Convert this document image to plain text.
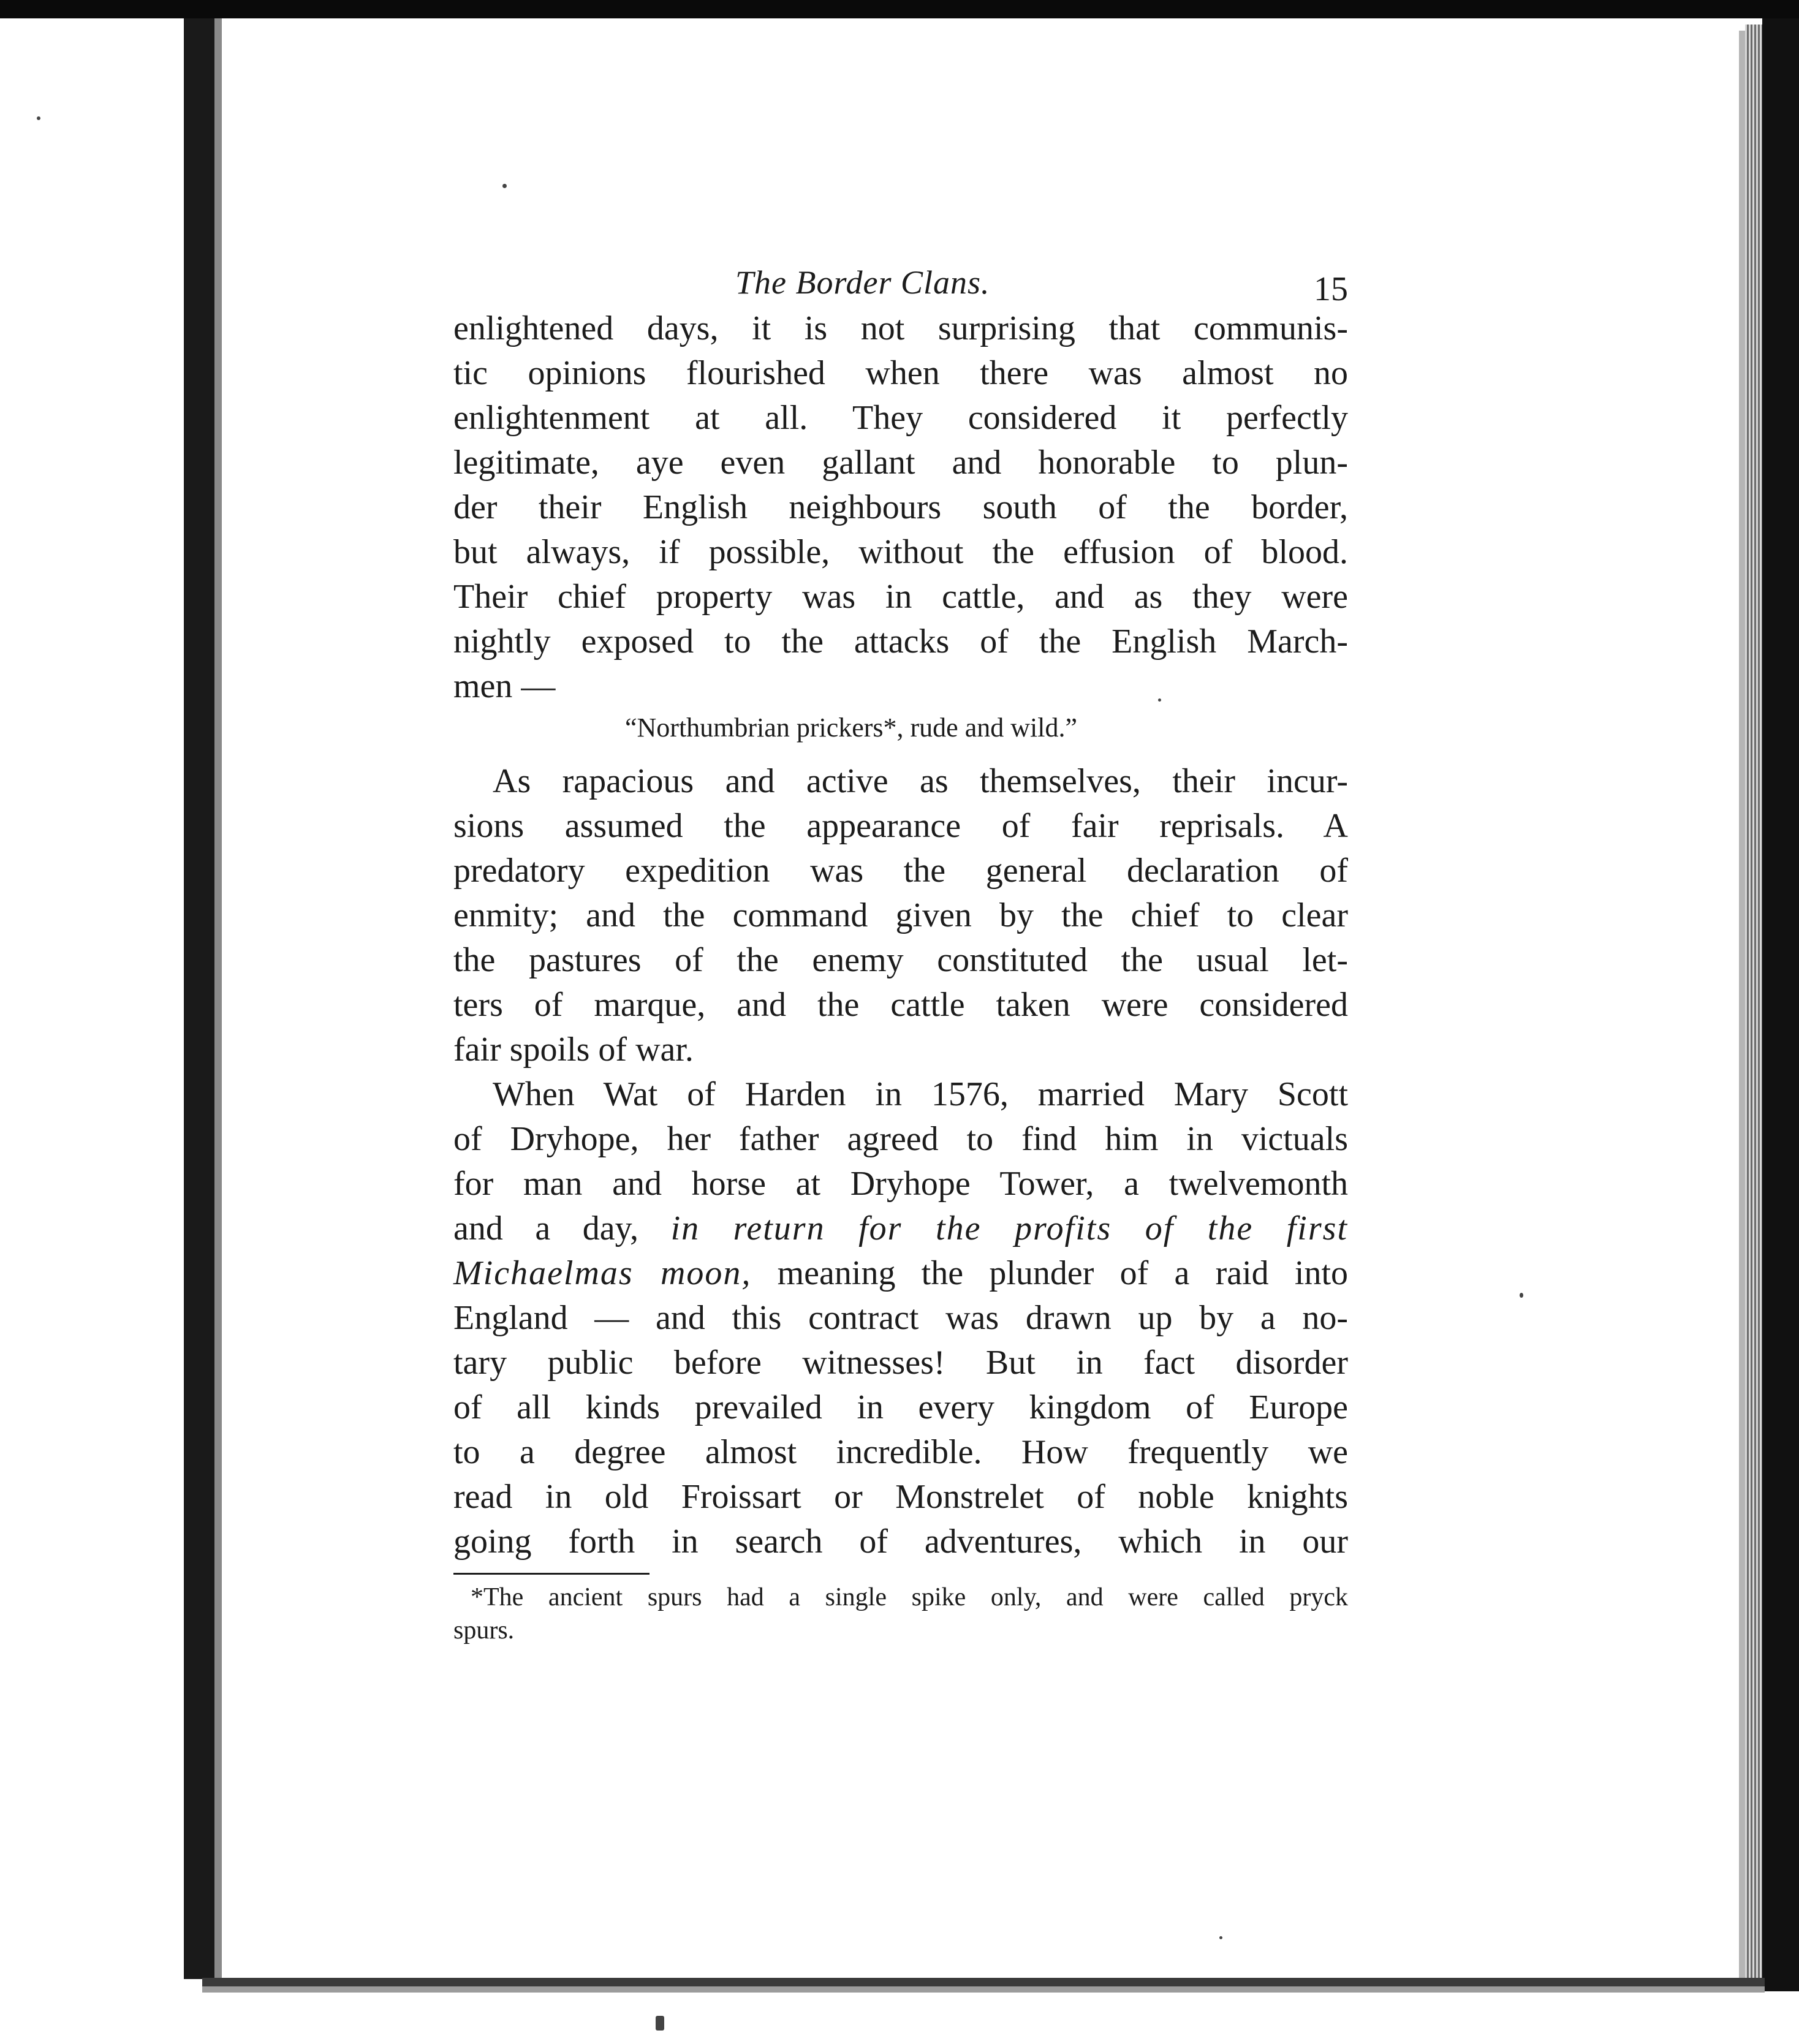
The Border Clans.	15
enlightened days, it is not surprising that communis-
tic opinions flourished when there was almost no
enlightenment at all. They considered it perfectly
legitimate, aye even gallant and honorable to plun-
der their English neighbours south of the border,
but always, if possible, without the effusion of blood.
Their chief property was in cattle, and as they were
nightly exposed to the attacks of the English March-
men —
“Northumbrian prickers*, rude and wild.”
As rapacious and active as themselves, their incur-
sions assumed the appearance of fair reprisals. A
predatory expedition was the general declaration of
enmity; and the command given by the chief to clear
the pastures of the enemy constituted the usual let-
ters of marque, and the cattle taken were considered
fair spoils of war.
When Wat of Harden in 1576, married Mary Scott
of Dryhope, her father agreed to find him in victuals
for man and horse at Dryhope Tower, a twelvemonth
and a day, in return for the profits of the first
Michaelmas moon, meaning the plunder of a raid into
England — and this contract was drawn up by a no-
tary public before witnesses! But in fact disorder
of all kinds prevailed in every kingdom of Europe
to a degree almost incredible. How frequently we
read in old Froissart or Monstrelet of noble knights
going forth in search of adventures, which in our
*The ancient spurs had a single spike only, and were called pryck
spurs.
